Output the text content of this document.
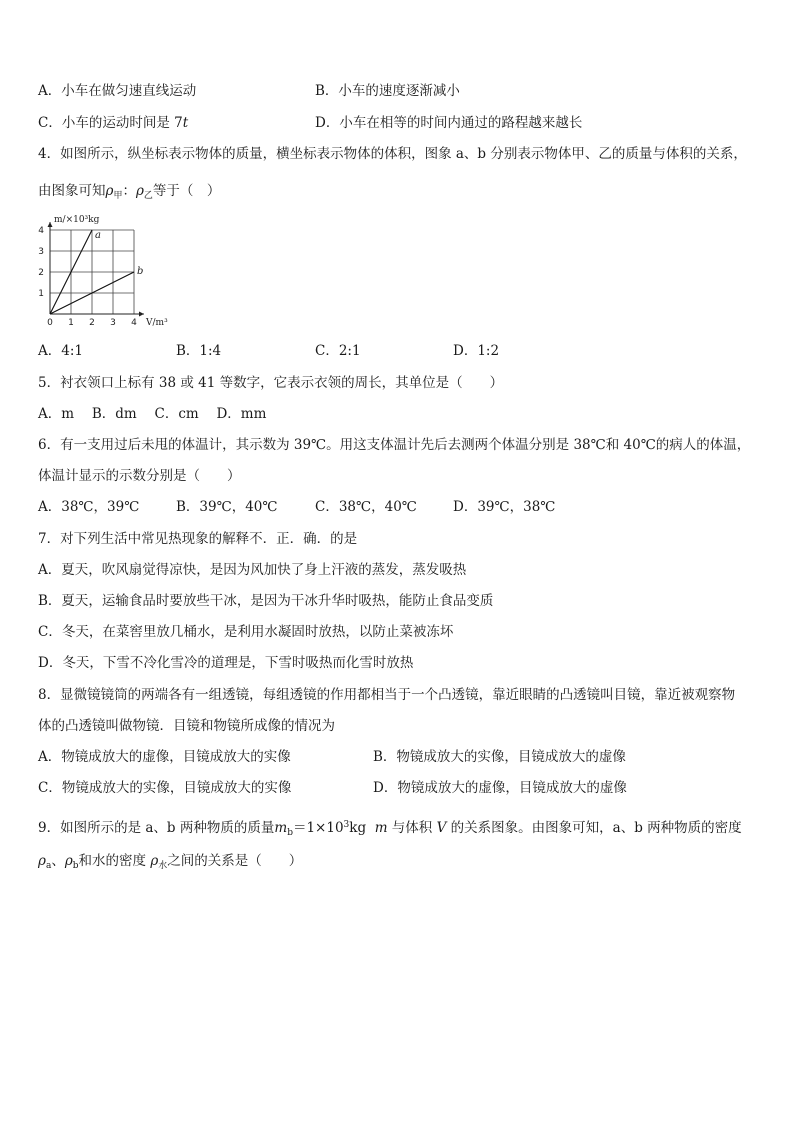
A．小车在做匀速直线运动	B．小车的速度逐渐减小
C．小车的运动时间是 7t	D．小车在相等的时间内通过的路程越来越长
4．如图所示，纵坐标表示物体的质量，横坐标表示物体的体积，图象 a、b 分别表示物体甲、乙的质量与体积的关系，
由图象可知$\rho_甲$：$\rho_乙$等于（　）
0 1 2 3 4
1
2
3
4
m/×10³kg
V/m³
a
b
A．4:1	B．1:4	C．2:1	D．1:2
5．衬衣领口上标有 38 或 41 等数字，它表示衣领的周长，其单位是（　　）
A．m　 B．dm　 C．cm　 D．mm
6．有一支用过后未甩的体温计，其示数为 39℃。用这支体温计先后去测两个体温分别是 38℃和 40℃的病人的体温，
体温计显示的示数分别是（　　）
A．38℃，39℃	B．39℃，40℃	C．38℃，40℃	D．39℃，38℃
7．对下列生活中常见热现象的解释不．正．确．的是
A．夏天，吹风扇觉得凉快，是因为风加快了身上汗液的蒸发，蒸发吸热
B．夏天，运输食品时要放些干冰，是因为干冰升华时吸热，能防止食品变质
C．冬天，在菜窖里放几桶水，是利用水凝固时放热，以防止菜被冻坏
D．冬天，下雪不冷化雪冷的道理是，下雪时吸热而化雪时放热
8．显微镜镜筒的两端各有一组透镜，每组透镜的作用都相当于一个凸透镜，靠近眼睛的凸透镜叫目镜，靠近被观察物
体的凸透镜叫做物镜．目镜和物镜所成像的情况为
A．物镜成放大的虚像，目镜成放大的实像	B．物镜成放大的实像，目镜成放大的虚像
C．物镜成放大的实像，目镜成放大的实像	D．物镜成放大的虚像，目镜成放大的虚像
9．如图所示的是 a、b 两种物质的质量$m_b=1\times 10^3kg$ m 与体积 V 的关系图象。由图象可知，a、b 两种物质的密度
$\rho_a$、$\rho_b$和水的密度 $\rho_水$之间的关系是（　　）
